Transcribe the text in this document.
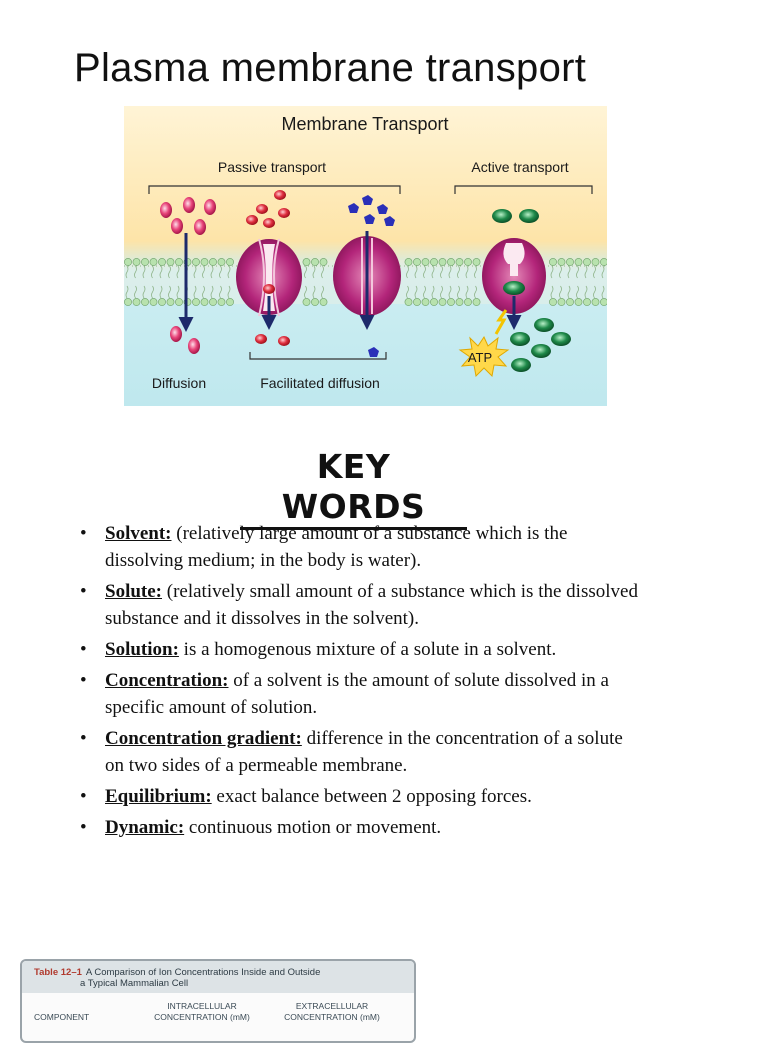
Plasma membrane transport
Membrane Transport
Passive transport	Active transport
ATP
Diffusion	Facilitated diffusion
KEY WORDS
• Solvent: (relatively large amount of a substance which is the dissolving medium; in the body is water).
• Solute: (relatively small amount of a substance which is the dissolved substance and it dissolves in the solvent).
• Solution: is a homogenous mixture of a solute in a solvent.
• Concentration: of a solvent is the amount of solute dissolved in a specific amount of solution.
• Concentration gradient: difference in the concentration of a solute on two sides of a permeable membrane.
• Equilibrium: exact balance between 2 opposing forces.
• Dynamic: continuous motion or movement.
Table 12–1 A Comparison of Ion Concentrations Inside and Outside
a Typical Mammalian Cell
COMPONENT
INTRACELLULAR
CONCENTRATION (mM)
EXTRACELLULAR
CONCENTRATION (mM)
